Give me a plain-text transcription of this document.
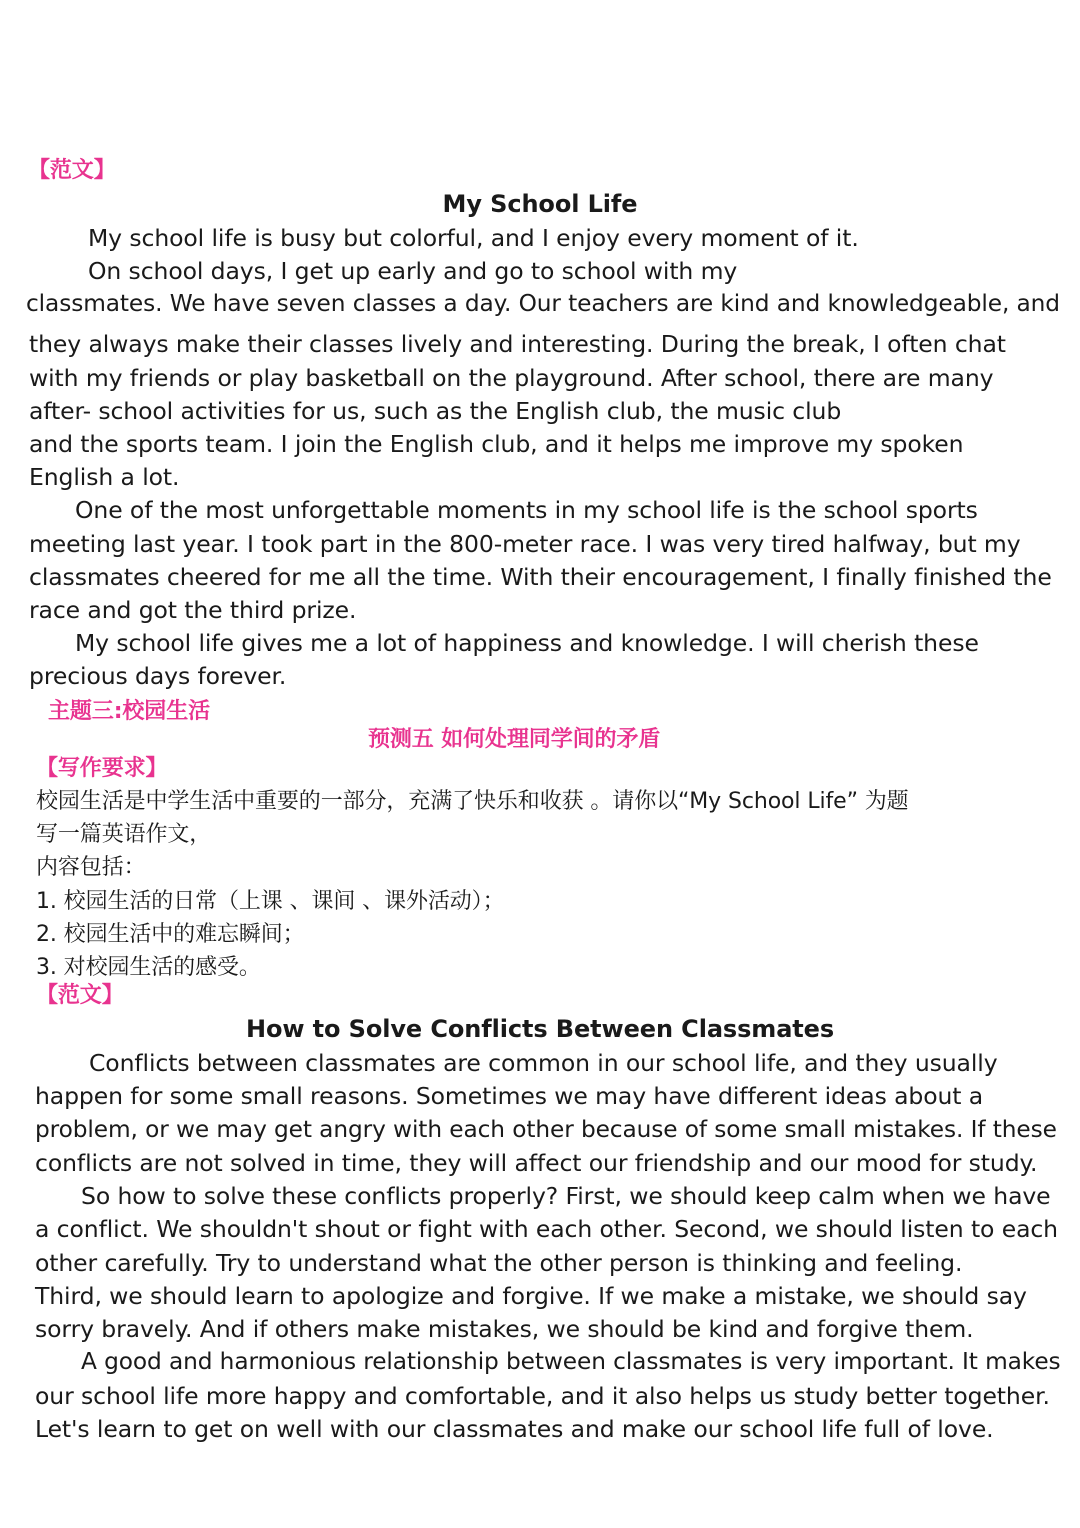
【范文】
My School Life
My school life is busy but colorful, and I enjoy every moment of it.
On school days, I get up early and go to school with my
classmates. We have seven classes a day. Our teachers are kind and knowledgeable, and
they always make their classes lively and interesting. During the break, I often chat
with my friends or play basketball on the playground. After school, there are many
after- school activities for us, such as the English club, the music club
and the sports team. I join the English club, and it helps me improve my spoken
English a lot.
One of the most unforgettable moments in my school life is the school sports
meeting last year. I took part in the 800-meter race. I was very tired halfway, but my
classmates cheered for me all the time. With their encouragement, I finally finished the
race and got the third prize.
My school life gives me a lot of happiness and knowledge. I will cherish these
precious days forever.
主题三:校园生活
预测五 如何处理同学间的矛盾
【写作要求】
校园生活是中学生活中重要的一部分，充满了快乐和收获 。请你以“My School Life” 为题
写一篇英语作文，
内容包括：
1. 校园生活的日常（上课 、课间 、课外活动）；
2. 校园生活中的难忘瞬间；
3. 对校园生活的感受。
【范文】
How to Solve Conflicts Between Classmates
Conflicts between classmates are common in our school life, and they usually
happen for some small reasons. Sometimes we may have different ideas about a
problem, or we may get angry with each other because of some small mistakes. If these
conflicts are not solved in time, they will affect our friendship and our mood for study.
So how to solve these conflicts properly? First, we should keep calm when we have
a conflict. We shouldn't shout or fight with each other. Second, we should listen to each
other carefully. Try to understand what the other person is thinking and feeling.
Third, we should learn to apologize and forgive. If we make a mistake, we should say
sorry bravely. And if others make mistakes, we should be kind and forgive them.
A good and harmonious relationship between classmates is very important. It makes
our school life more happy and comfortable, and it also helps us study better together.
Let's learn to get on well with our classmates and make our school life full of love.
